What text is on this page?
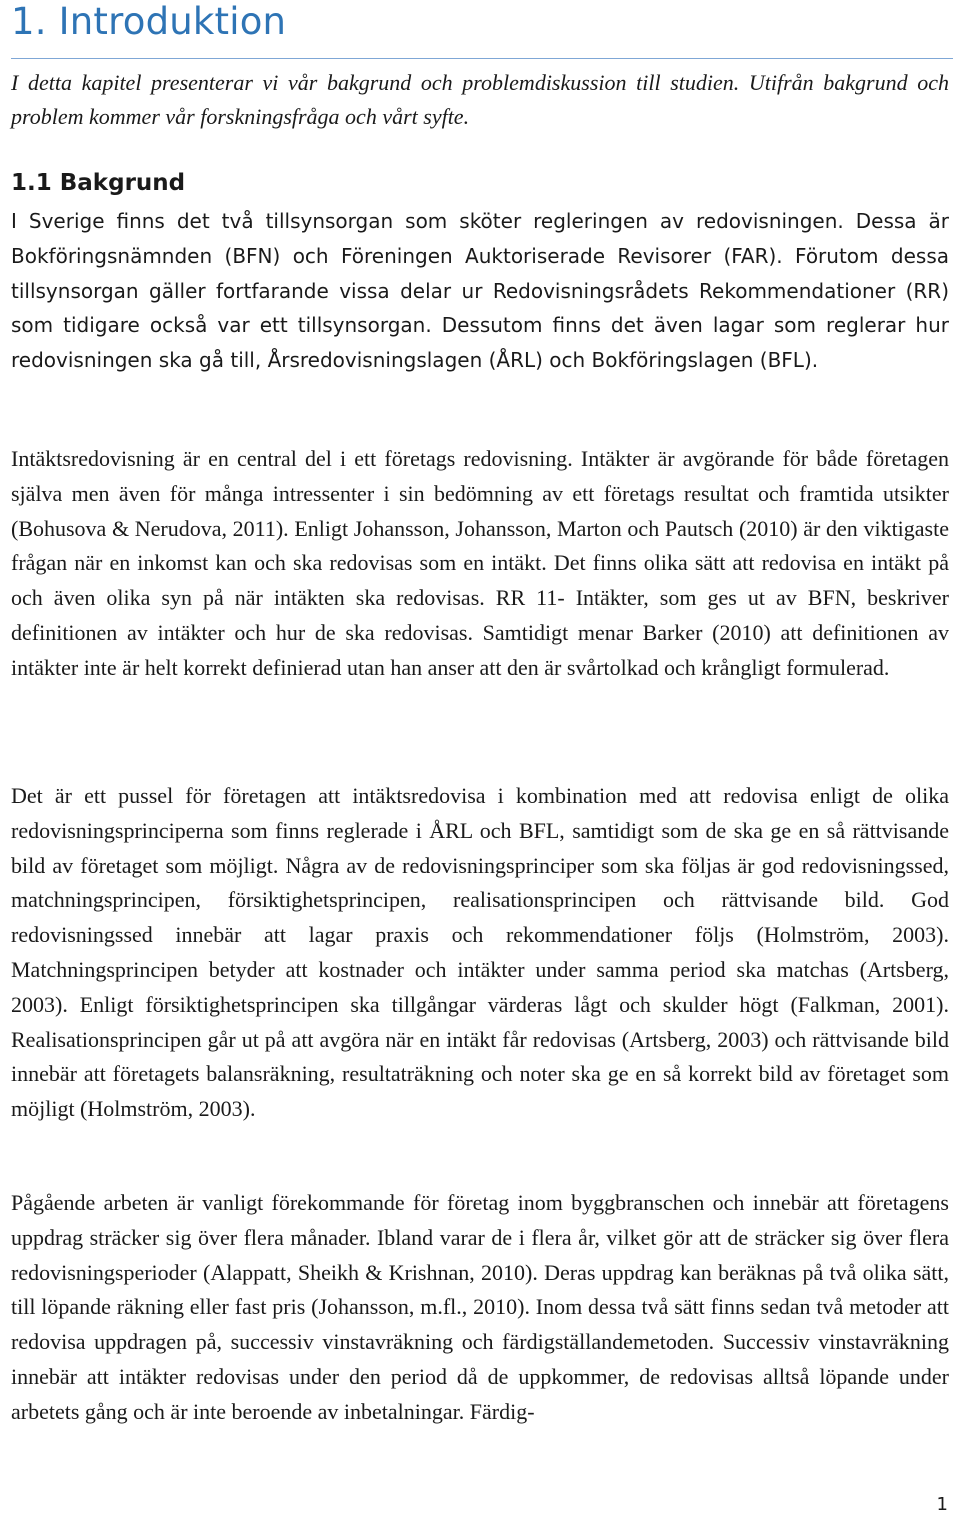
1. Introduktion

I detta kapitel presenterar vi vår bakgrund och problemdiskussion till studien. Utifrån bakgrund och problem kommer vår forskningsfråga och vårt syfte.

1.1 Bakgrund

I Sverige finns det två tillsynsorgan som sköter regleringen av redovisningen. Dessa är Bokföringsnämnden (BFN) och Föreningen Auktoriserade Revisorer (FAR). Förutom dessa tillsynsorgan gäller fortfarande vissa delar ur Redovisningsrådets Rekommendationer (RR) som tidigare också var ett tillsynsorgan. Dessutom finns det även lagar som reglerar hur redovisningen ska gå till, Årsredovisningslagen (ÅRL) och Bokföringslagen (BFL).

Intäktsredovisning är en central del i ett företags redovisning. Intäkter är avgörande för både företagen själva men även för många intressenter i sin bedömning av ett företags resultat och framtida utsikter (Bohusova & Nerudova, 2011). Enligt Johansson, Johansson, Marton och Pautsch (2010) är den viktigaste frågan när en inkomst kan och ska redovisas som en intäkt. Det finns olika sätt att redovisa en intäkt på och även olika syn på när intäkten ska redovisas. RR 11- Intäkter, som ges ut av BFN, beskriver definitionen av intäkter och hur de ska redovisas. Samtidigt menar Barker (2010) att definitionen av intäkter inte är helt korrekt definierad utan han anser att den är svårtolkad och krångligt formulerad.

Det är ett pussel för företagen att intäktsredovisa i kombination med att redovisa enligt de olika redovisningsprinciperna som finns reglerade i ÅRL och BFL, samtidigt som de ska ge en så rättvisande bild av företaget som möjligt. Några av de redovisningsprinciper som ska följas är god redovisningssed, matchningsprincipen, försiktighetsprincipen, realisationsprincipen och rättvisande bild. God redovisningssed innebär att lagar praxis och rekommendationer följs (Holmström, 2003). Matchningsprincipen betyder att kostnader och intäkter under samma period ska matchas (Artsberg, 2003). Enligt försiktighetsprincipen ska tillgångar värderas lågt och skulder högt (Falkman, 2001). Realisationsprincipen går ut på att avgöra när en intäkt får redovisas (Artsberg, 2003) och rättvisande bild innebär att företagets balansräkning, resultaträkning och noter ska ge en så korrekt bild av företaget som möjligt (Holmström, 2003).

Pågående arbeten är vanligt förekommande för företag inom byggbranschen och innebär att företagens uppdrag sträcker sig över flera månader. Ibland varar de i flera år, vilket gör att de sträcker sig över flera redovisningsperioder (Alappatt, Sheikh & Krishnan, 2010). Deras uppdrag kan beräknas på två olika sätt, till löpande räkning eller fast pris (Johansson, m.fl., 2010). Inom dessa två sätt finns sedan två metoder att redovisa uppdragen på, successiv vinstavräkning och färdigställandemetoden. Successiv vinstavräkning innebär att intäkter redovisas under den period då de uppkommer, de redovisas alltså löpande under arbetets gång och är inte beroende av inbetalningar. Färdig-

1
